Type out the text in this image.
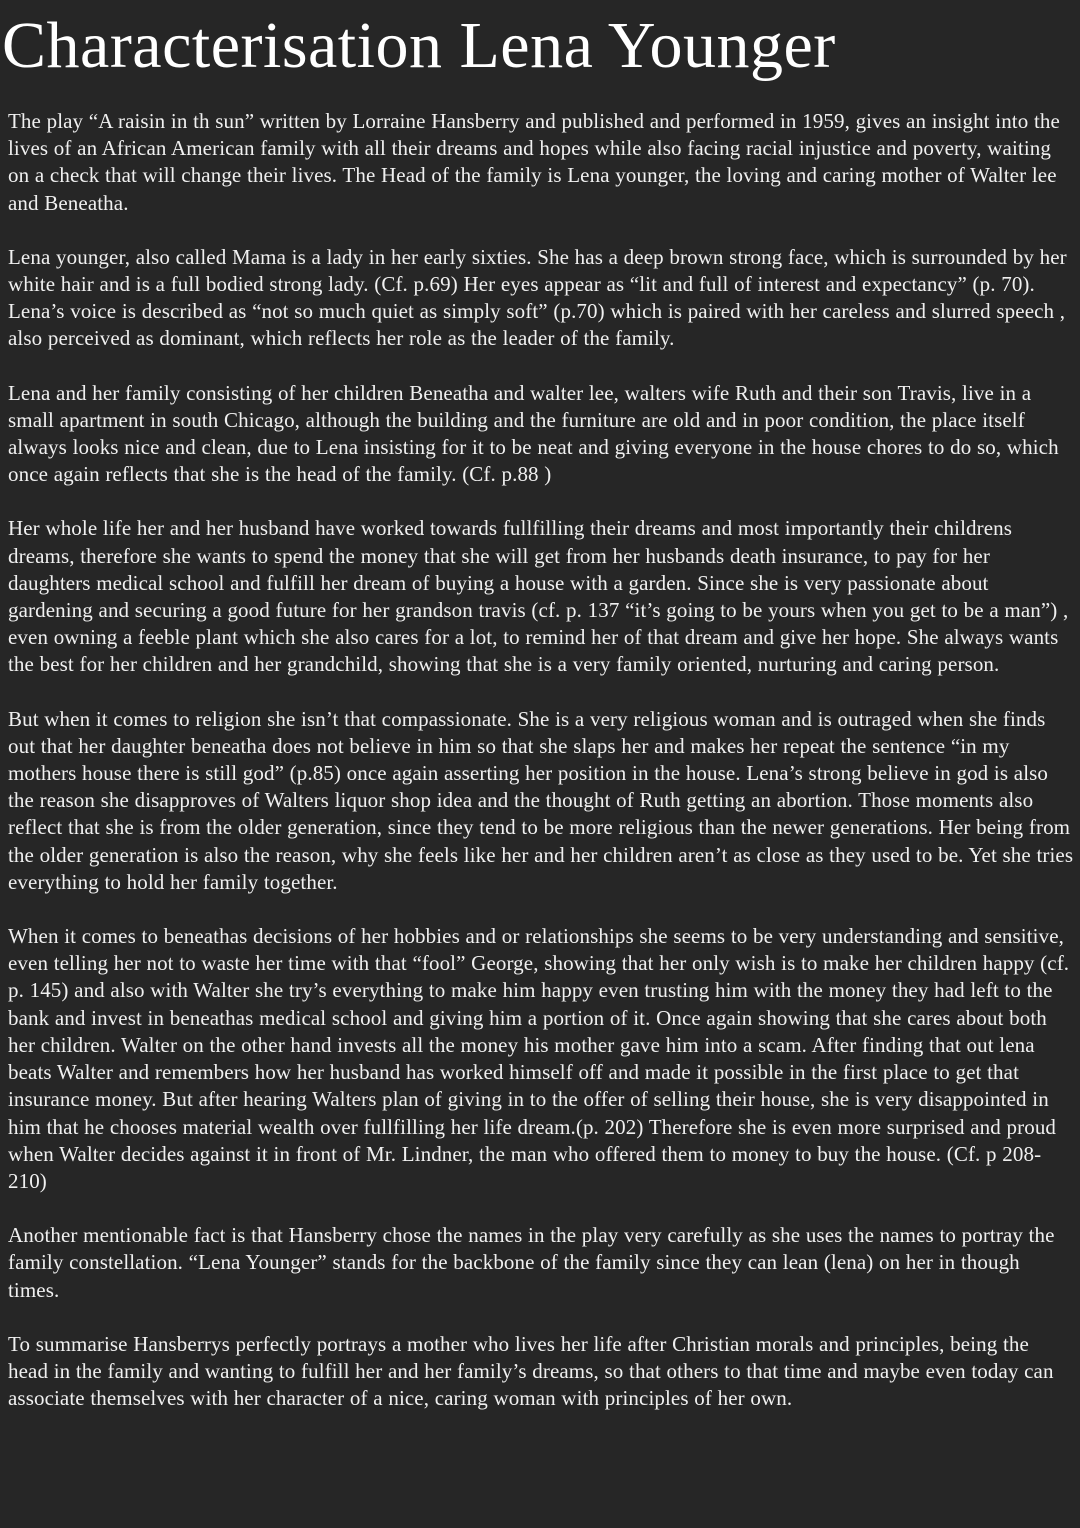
Characterisation Lena Younger

The play “A raisin in th sun” written by Lorraine Hansberry and published and performed in 1959, gives an insight into the lives of an African American family with all their dreams and hopes while also facing racial injustice and poverty, waiting on a check that will change their lives. The Head of the family is Lena younger, the loving and caring mother of Walter lee and Beneatha.

Lena younger, also called Mama is a lady in her early sixties. She has a deep brown strong face, which is surrounded by her white hair and is a full bodied strong lady. (Cf. p.69) Her eyes appear as “lit and full of interest and expectancy” (p. 70). Lena’s voice is described as “not so much quiet as simply soft” (p.70) which is paired with her careless and slurred speech , also perceived as dominant, which reflects her role as the leader of the family.

Lena and her family consisting of her children Beneatha and walter lee, walters wife Ruth and their son Travis, live in a small apartment in south Chicago, although the building and the furniture are old and in poor condition, the place itself always looks nice and clean, due to Lena insisting for it to be neat and giving everyone in the house chores to do so, which once again reflects that she is the head of the family. (Cf. p.88 )

Her whole life her and her husband have worked towards fullfilling their dreams and most importantly their childrens dreams, therefore she wants to spend the money that she will get from her husbands death insurance, to pay for her daughters medical school and fulfill her dream of buying a house with a garden. Since she is very passionate about gardening and securing a good future for her grandson travis (cf. p. 137 “it’s going to be yours when you get to be a man”) , even owning a feeble plant which she also cares for a lot, to remind her of that dream and give her hope. She always wants the best for her children and her grandchild, showing that she is a very family oriented, nurturing and caring person.

But when it comes to religion she isn’t that compassionate. She is a very religious woman and is outraged when she finds out that her daughter beneatha does not believe in him so that she slaps her and makes her repeat the sentence “in my mothers house there is still god” (p.85) once again asserting her position in the house. Lena’s strong believe in god is also the reason she disapproves of Walters liquor shop idea and the thought of Ruth getting an abortion. Those moments also reflect that she is from the older generation, since they tend to be more religious than the newer generations. Her being from the older generation is also the reason, why she feels like her and her children aren’t as close as they used to be. Yet she tries everything to hold her family together.

When it comes to beneathas decisions of her hobbies and or relationships she seems to be very understanding and sensitive, even telling her not to waste her time with that “fool” George, showing that her only wish is to make her children happy (cf. p. 145) and also with Walter she try’s everything to make him happy even trusting him with the money they had left to the bank and invest in beneathas medical school and giving him a portion of it. Once again showing that she cares about both her children. Walter on the other hand invests all the money his mother gave him into a scam. After finding that out lena beats Walter and remembers how her husband has worked himself off and made it possible in the first place to get that insurance money. But after hearing Walters plan of giving in to the offer of selling their house, she is very disappointed in him that he chooses material wealth over fullfilling her life dream.(p. 202) Therefore she is even more surprised and proud when Walter decides against it in front of Mr. Lindner, the man who offered them to money to buy the house. (Cf. p 208-210)

Another mentionable fact is that Hansberry chose the names in the play very carefully as she uses the names to portray the family constellation. “Lena Younger” stands for the backbone of the family since they can lean (lena) on her in though times.

To summarise Hansberrys perfectly portrays a mother who lives her life after Christian morals and principles, being the head in the family and wanting to fulfill her and her family’s dreams, so that others to that time and maybe even today can associate themselves with her character of a nice, caring woman with principles of her own.
